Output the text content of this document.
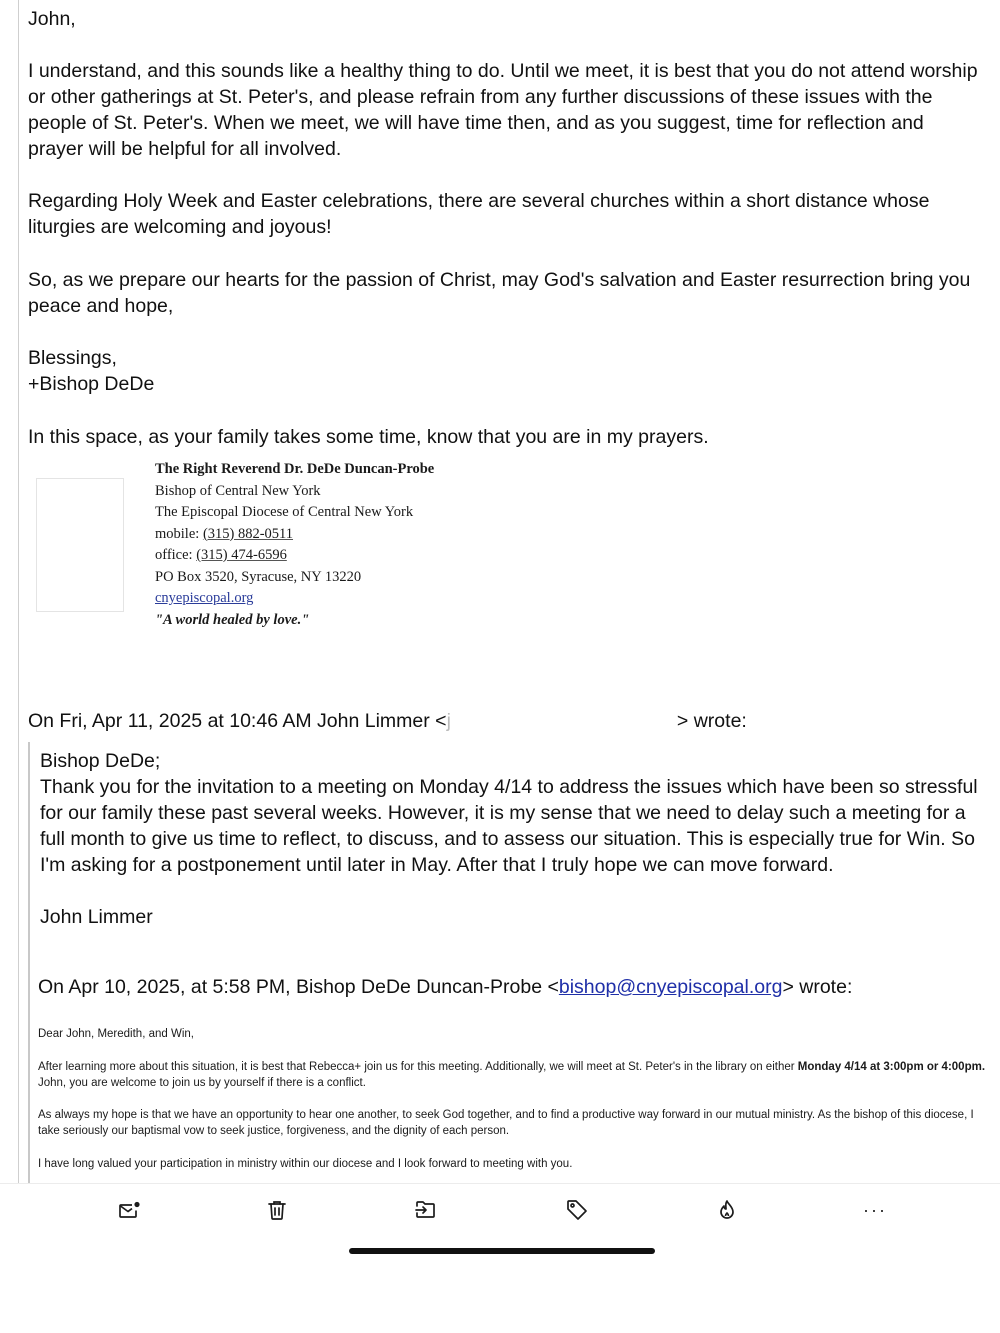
John,

I understand, and this sounds like a healthy thing to do. Until we meet, it is best that you do not attend worship or other gatherings at St. Peter's, and please refrain from any further discussions of these issues with the people of St. Peter's. When we meet, we will have time then, and as you suggest, time for reflection and prayer will be helpful for all involved.

Regarding Holy Week and Easter celebrations, there are several churches within a short distance whose liturgies are welcoming and joyous!

So, as we prepare our hearts for the passion of Christ, may God's salvation and Easter resurrection bring you peace and hope,

Blessings,

+Bishop DeDe

In this space, as your family takes some time, know that you are in my prayers.

The Right Reverend Dr. DeDe Duncan-Probe
Bishop of Central New York
The Episcopal Diocese of Central New York
mobile: (315) 882-0511
office: (315) 474-6596
PO Box 3520, Syracuse, NY 13220
cnyepiscopal.org
"A world healed by love."
On Fri, Apr 11, 2025 at 10:46 AM John Limmer <j	> wrote:

Bishop DeDe;

Thank you for the invitation to a meeting on Monday 4/14 to address the issues which have been so stressful for our family these past several weeks. However, it is my sense that we need to delay such a meeting for a full month to give us time to reflect, to discuss, and to assess our situation. This is especially true for Win. So I'm asking for a postponement until later in May. After that I truly hope we can move forward.

John Limmer

On Apr 10, 2025, at 5:58 PM, Bishop DeDe Duncan-Probe <bishop@cnyepiscopal.org> wrote:
Dear John, Meredith, and Win,
After learning more about this situation, it is best that Rebecca+ join us for this meeting. Additionally, we will meet at St. Peter's in the library on either Monday 4/14 at 3:00pm or 4:00pm. John, you are welcome to join us by yourself if there is a conflict.
As always my hope is that we have an opportunity to hear one another, to seek God together, and to find a productive way forward in our mutual ministry. As the bishop of this diocese, I take seriously our baptismal vow to seek justice, forgiveness, and the dignity of each person.
I have long valued your participation in ministry within our diocese and I look forward to meeting with you.
···
